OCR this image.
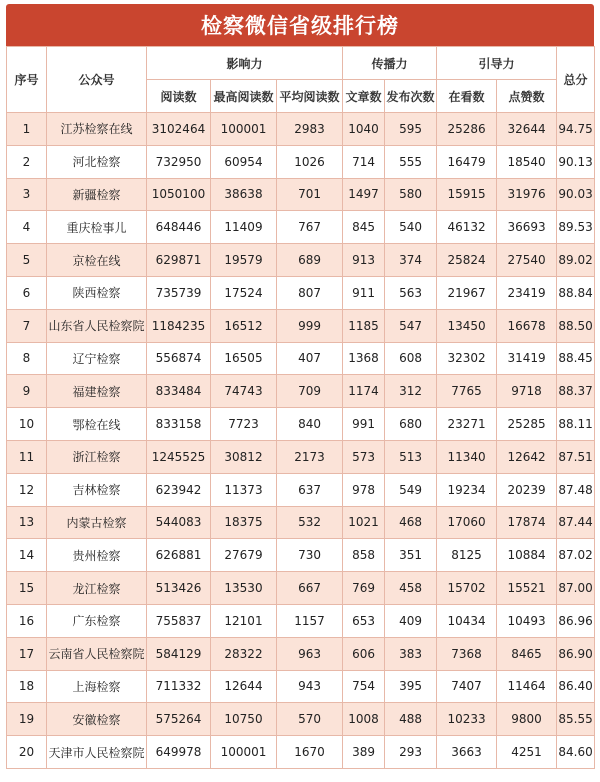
检察微信省级排行榜
序号	公众号	影响力			传播力		引导力		总分
		阅读数	最高阅读数	平均阅读数	文章数	发布次数	在看数	点赞数	
1	江苏检察在线	3102464	100001	2983	1040	595	25286	32644	94.75
2	河北检察	732950	60954	1026	714	555	16479	18540	90.13
3	新疆检察	1050100	38638	701	1497	580	15915	31976	90.03
4	重庆检事儿	648446	11409	767	845	540	46132	36693	89.53
5	京检在线	629871	19579	689	913	374	25824	27540	89.02
6	陕西检察	735739	17524	807	911	563	21967	23419	88.84
7	山东省人民检察院	1184235	16512	999	1185	547	13450	16678	88.50
8	辽宁检察	556874	16505	407	1368	608	32302	31419	88.45
9	福建检察	833484	74743	709	1174	312	7765	9718	88.37
10	鄂检在线	833158	7723	840	991	680	23271	25285	88.11
11	浙江检察	1245525	30812	2173	573	513	11340	12642	87.51
12	吉林检察	623942	11373	637	978	549	19234	20239	87.48
13	内蒙古检察	544083	18375	532	1021	468	17060	17874	87.44
14	贵州检察	626881	27679	730	858	351	8125	10884	87.02
15	龙江检察	513426	13530	667	769	458	15702	15521	87.00
16	广东检察	755837	12101	1157	653	409	10434	10493	86.96
17	云南省人民检察院	584129	28322	963	606	383	7368	8465	86.90
18	上海检察	711332	12644	943	754	395	7407	11464	86.40
19	安徽检察	575264	10750	570	1008	488	10233	9800	85.55
20	天津市人民检察院	649978	100001	1670	389	293	3663	4251	84.60
